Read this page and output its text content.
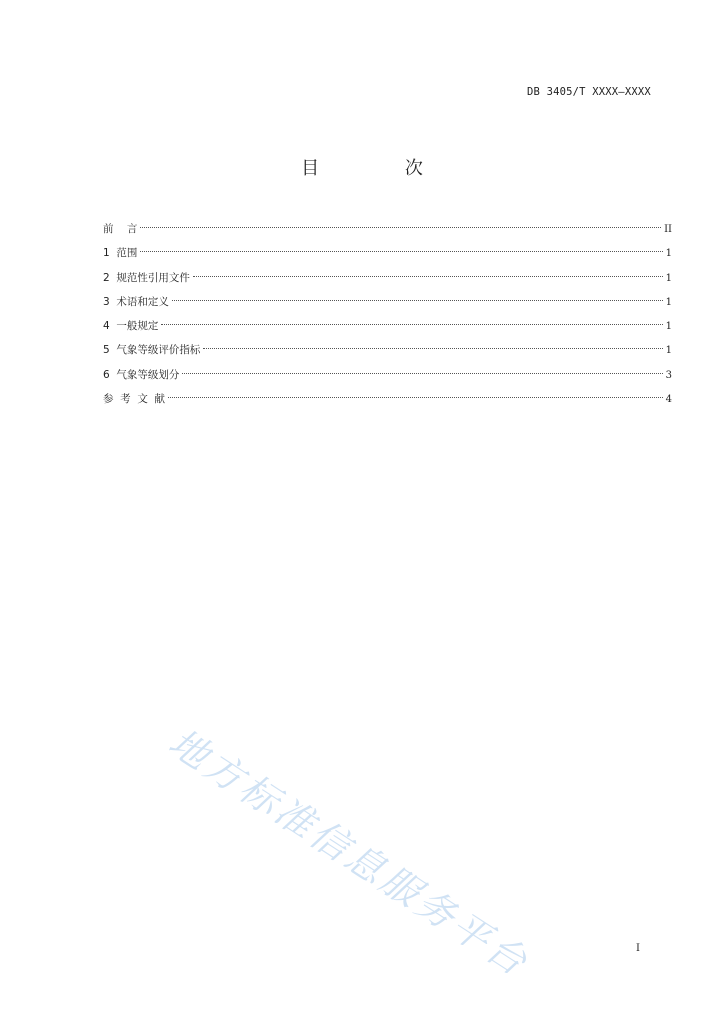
DB 3405/T XXXX—XXXX
目 次
前    言	II
1  范围	1
2  规范性引用文件	1
3  术语和定义	1
4  一般规定	1
5  气象等级评价指标	1
6  气象等级划分	3
参  考  文  献	4
地方标准信息服务平台	I
